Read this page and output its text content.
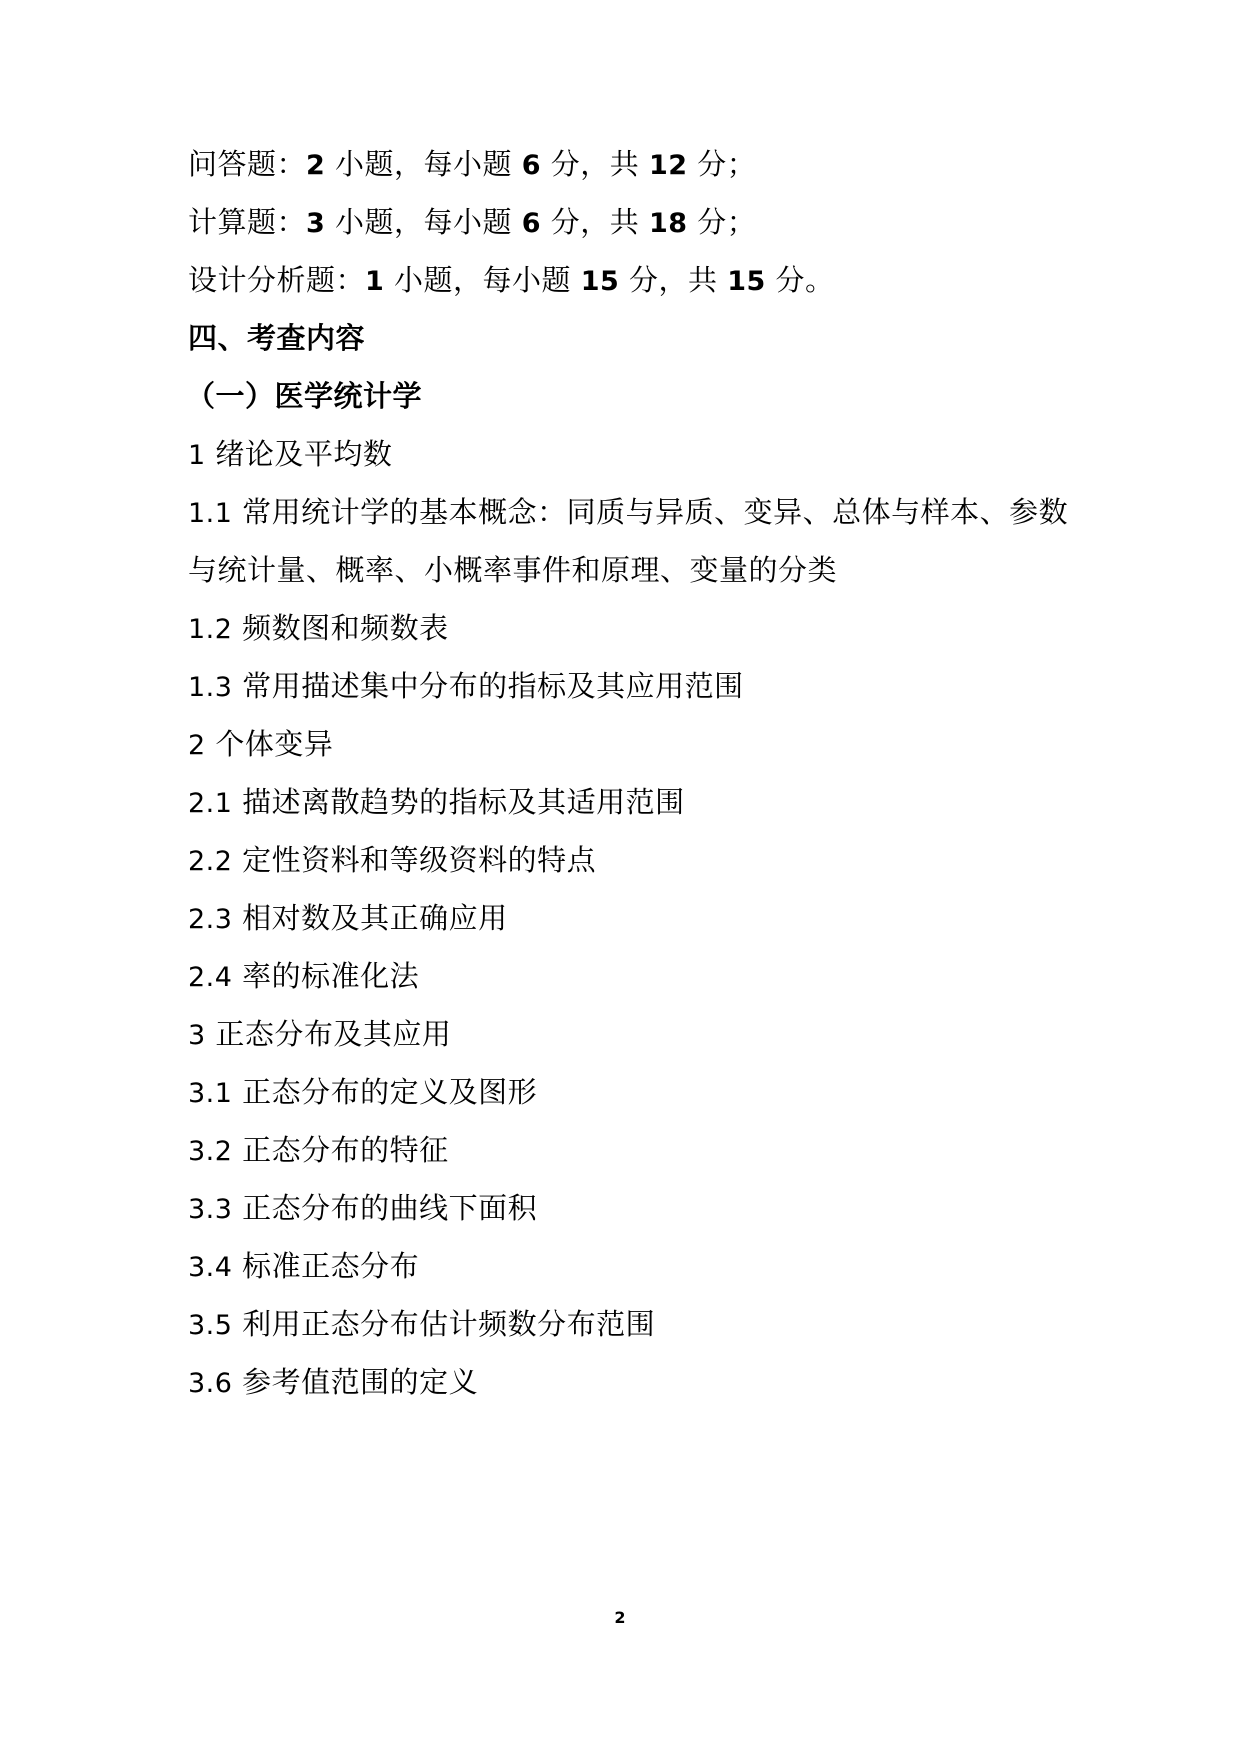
问答题：2 小题，每小题 6 分，共 12 分；
计算题：3 小题，每小题 6 分，共 18 分；
设计分析题：1 小题，每小题 15 分，共 15 分。
四、考查内容
（一）医学统计学
1 绪论及平均数
1.1 常用统计学的基本概念：同质与异质、变异、总体与样本、参数
与统计量、概率、小概率事件和原理、变量的分类
1.2 频数图和频数表
1.3 常用描述集中分布的指标及其应用范围
2 个体变异
2.1 描述离散趋势的指标及其适用范围
2.2 定性资料和等级资料的特点
2.3 相对数及其正确应用
2.4 率的标准化法
3 正态分布及其应用
3.1 正态分布的定义及图形
3.2 正态分布的特征
3.3 正态分布的曲线下面积
3.4 标准正态分布
3.5 利用正态分布估计频数分布范围
3.6 参考值范围的定义
2
